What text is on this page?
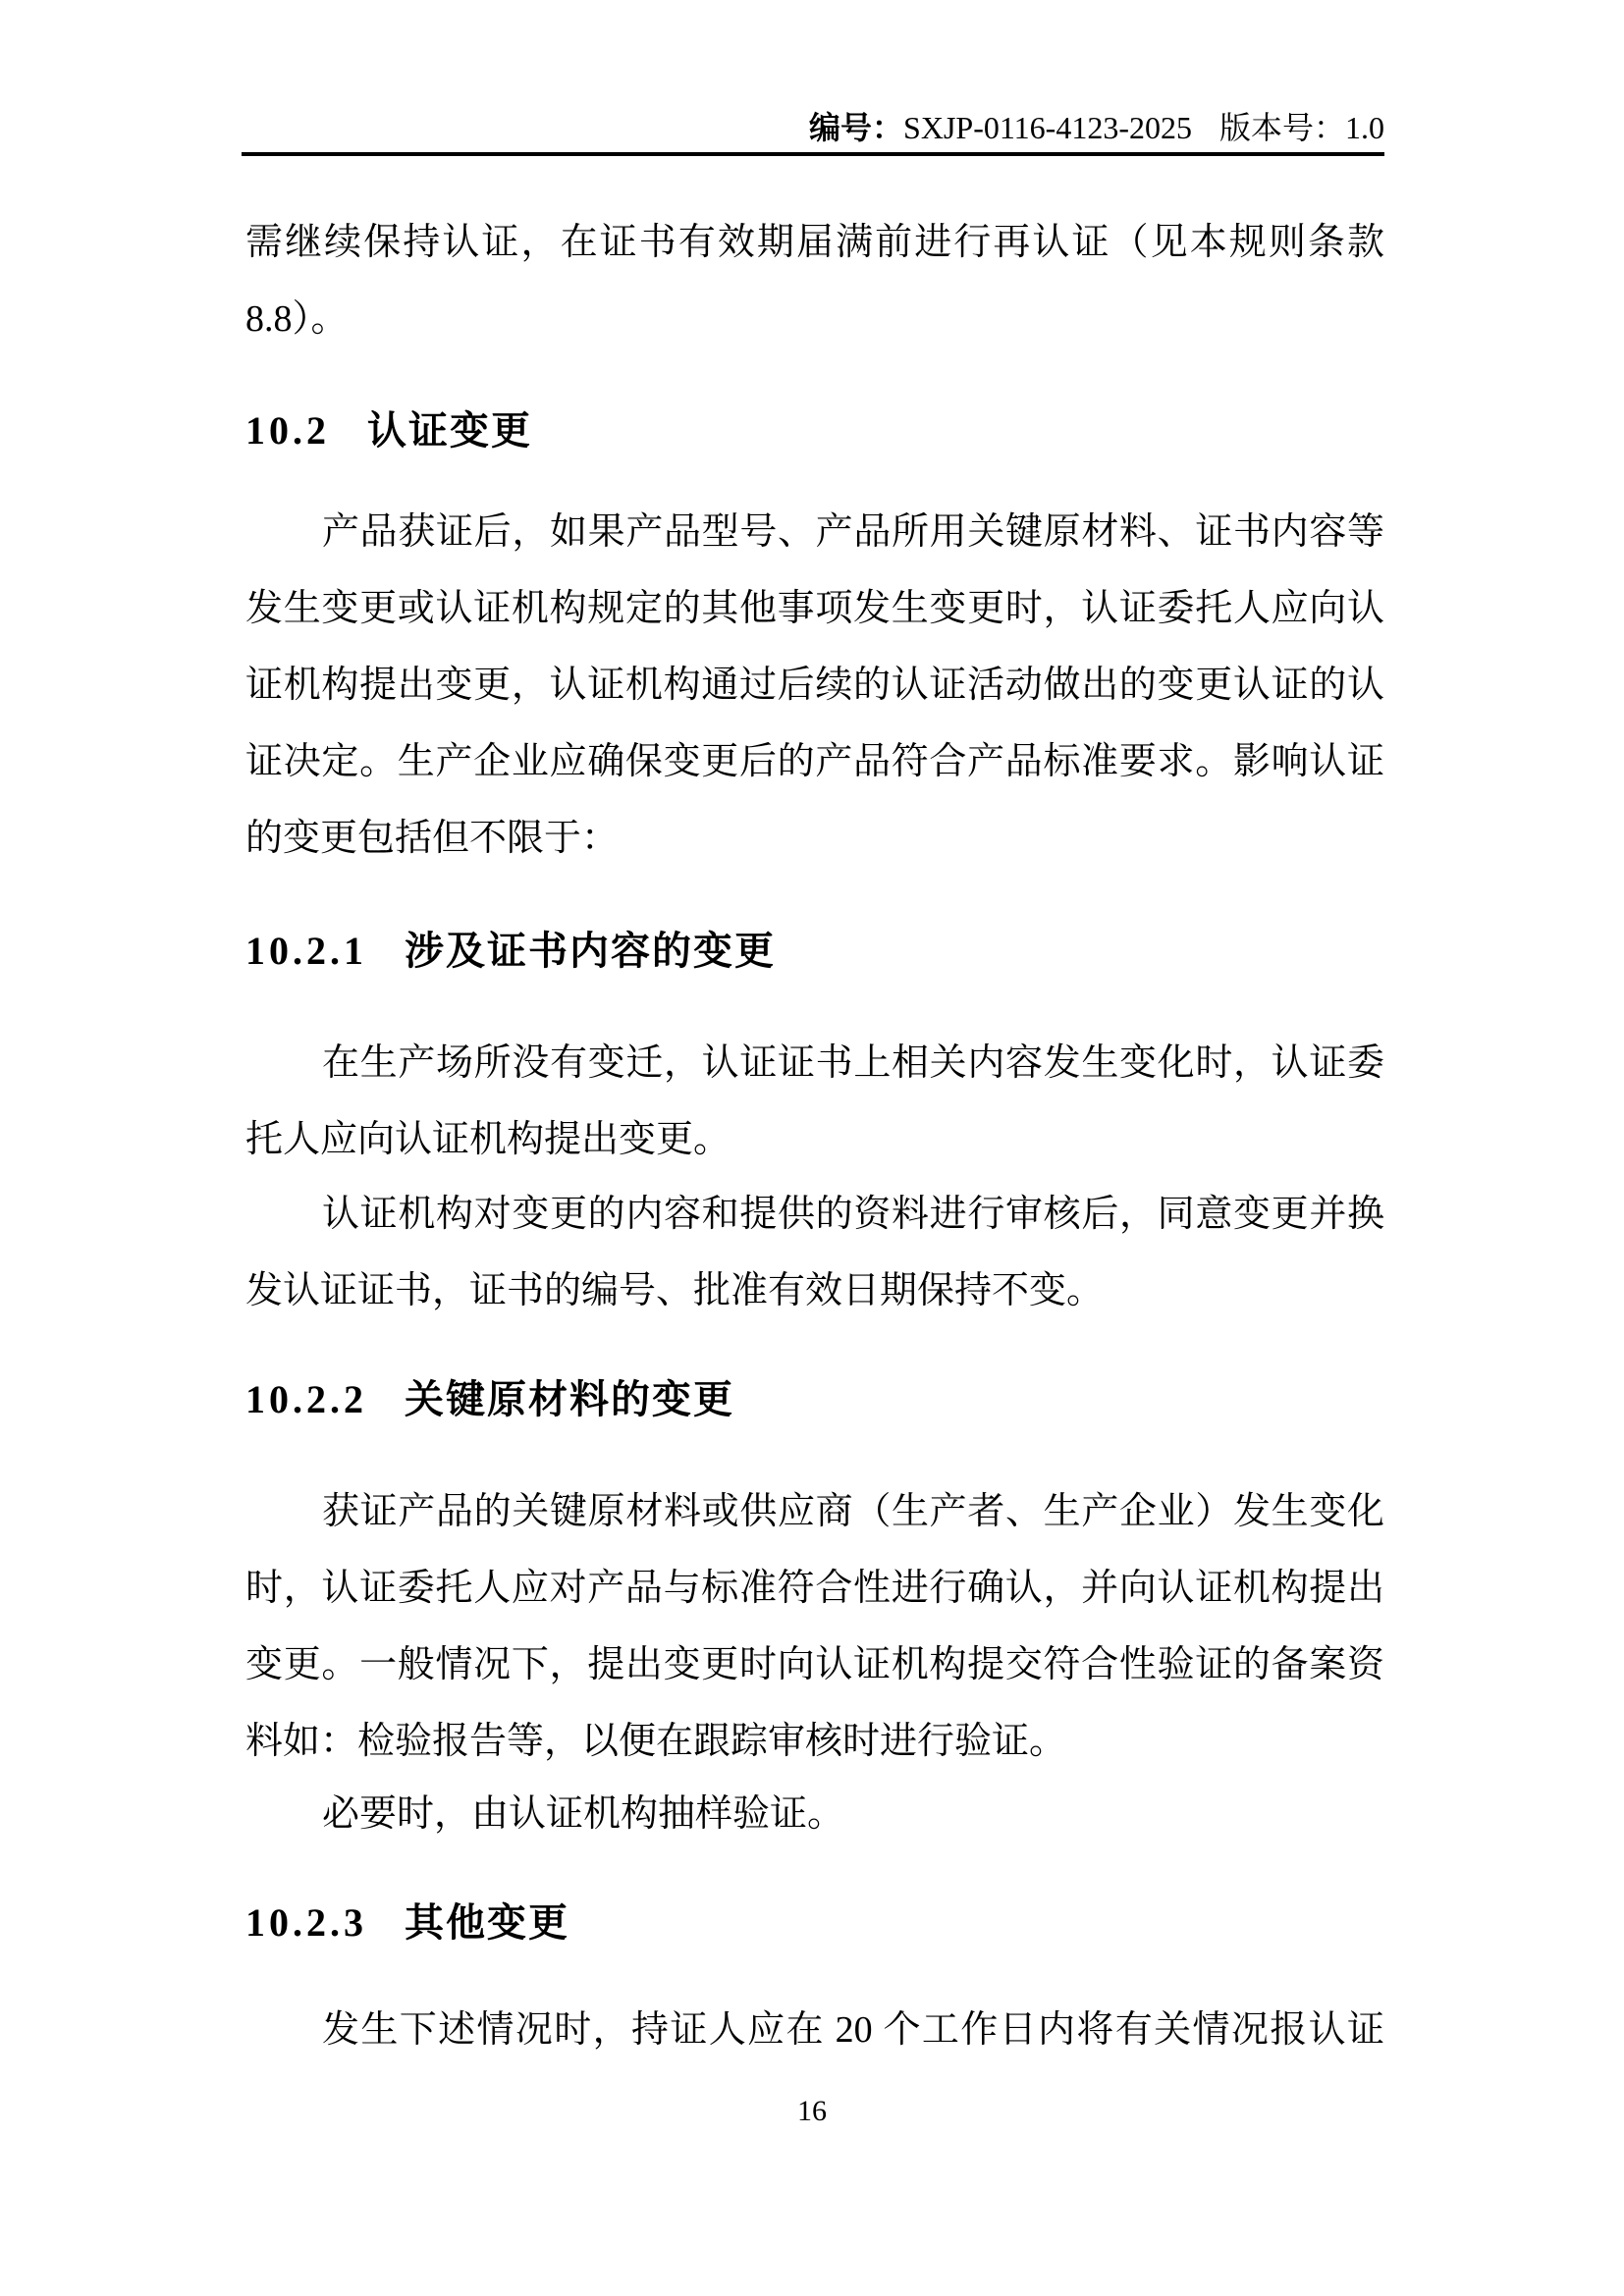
编号：SXJP-0116-4123-2025 版本号：1.0
需继续保持认证，在证书有效期届满前进行再认证（见本规则条款
8.8）。
10.2 认证变更
产品获证后，如果产品型号、产品所用关键原材料、证书内容等
发生变更或认证机构规定的其他事项发生变更时，认证委托人应向认
证机构提出变更，认证机构通过后续的认证活动做出的变更认证的认
证决定。生产企业应确保变更后的产品符合产品标准要求。影响认证
的变更包括但不限于：
10.2.1 涉及证书内容的变更
在生产场所没有变迁，认证证书上相关内容发生变化时，认证委
托人应向认证机构提出变更。
认证机构对变更的内容和提供的资料进行审核后，同意变更并换
发认证证书，证书的编号、批准有效日期保持不变。
10.2.2 关键原材料的变更
获证产品的关键原材料或供应商（生产者、生产企业）发生变化
时，认证委托人应对产品与标准符合性进行确认，并向认证机构提出
变更。一般情况下，提出变更时向认证机构提交符合性验证的备案资
料如：检验报告等，以便在跟踪审核时进行验证。
必要时，由认证机构抽样验证。
10.2.3 其他变更
发生下述情况时，持证人应在 20 个工作日内将有关情况报认证
16
